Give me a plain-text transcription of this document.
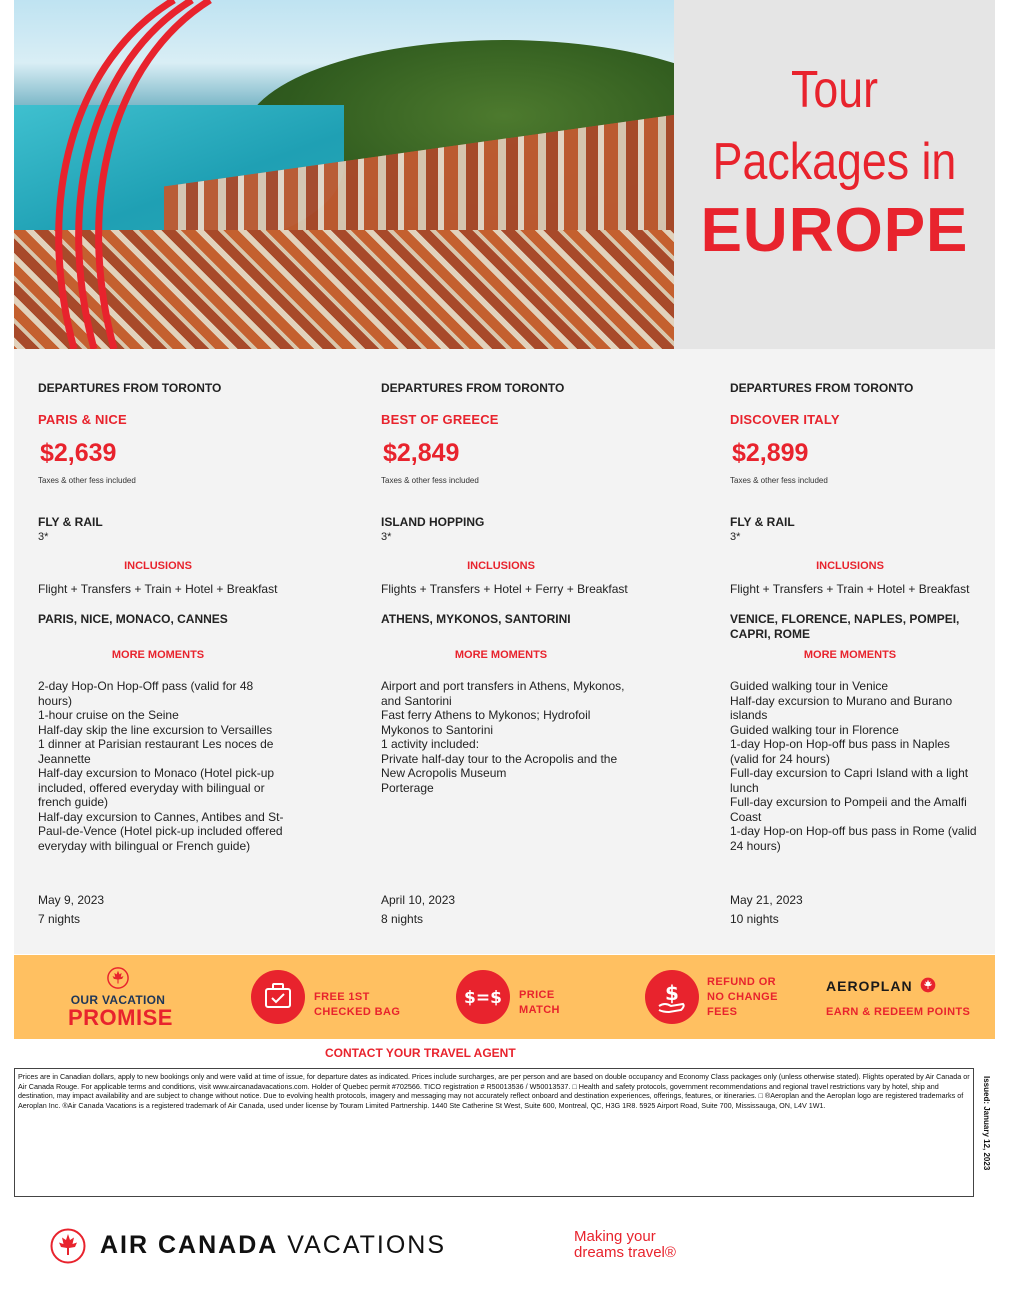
Tour
Packages in
EUROPE
DEPARTURES FROM TORONTO
PARIS & NICE
$2,639
Taxes & other fess included
FLY & RAIL
3*
INCLUSIONS
Flight + Transfers + Train + Hotel + Breakfast
PARIS, NICE, MONACO, CANNES
MORE MOMENTS
2-day Hop-On Hop-Off pass (valid for 48 hours)
1-hour cruise on the Seine
Half-day skip the line excursion to Versailles
1 dinner at Parisian restaurant Les noces de Jeannette
Half-day excursion to Monaco (Hotel pick-up included, offered everyday with bilingual or french guide)
Half-day excursion to Cannes, Antibes and St-Paul-de-Vence (Hotel pick-up included offered everyday with bilingual or French guide)
May 9, 2023
7 nights
DEPARTURES FROM TORONTO
BEST OF GREECE
$2,849
Taxes & other fess included
ISLAND HOPPING
3*
INCLUSIONS
Flights + Transfers + Hotel + Ferry + Breakfast
ATHENS, MYKONOS, SANTORINI
MORE MOMENTS
Airport and port transfers in Athens, Mykonos, and Santorini
Fast ferry Athens to Mykonos; Hydrofoil Mykonos to Santorini
1 activity included:
Private half-day tour to the Acropolis and the New Acropolis Museum
Porterage
April 10, 2023
8 nights
DEPARTURES FROM TORONTO
DISCOVER ITALY
$2,899
Taxes & other fess included
FLY & RAIL
3*
INCLUSIONS
Flight + Transfers + Train + Hotel + Breakfast
VENICE, FLORENCE, NAPLES, POMPEI, CAPRI, ROME
MORE MOMENTS
Guided walking tour in Venice
Half-day excursion to Murano and Burano islands
Guided walking tour in Florence
1-day Hop-on Hop-off bus pass in Naples (valid for 24 hours)
Full-day excursion to Capri Island with a light lunch
Full-day excursion to Pompeii and the Amalfi Coast
1-day Hop-on Hop-off bus pass in Rome (valid 24 hours)
May 21, 2023
10 nights
OUR VACATION
PROMISE
FREE 1ST
CHECKED BAG
$=$ PRICE
MATCH
$	REFUND OR
NO CHANGE
FEES
AEROPLAN
EARN & REDEEM POINTS
CONTACT YOUR TRAVEL AGENT
Prices are in Canadian dollars, apply to new bookings only and were valid at time of issue, for departure dates as indicated. Prices include surcharges, are per person and are based on double occupancy and Economy Class packages only (unless otherwise stated). Flights operated by Air Canada or Air Canada Rouge. For applicable terms and conditions, visit www.aircanadavacations.com. Holder of Quebec permit #702566. TICO registration # R50013536 / W50013537. □ Health and safety protocols, government recommendations and regional travel restrictions vary by hotel, ship and destination, may impact availability and are subject to change without notice. Due to evolving health protocols, imagery and messaging may not accurately reflect onboard and destination experiences, offerings, features, or itineraries. □ ®Aeroplan and the Aeroplan logo are registered trademarks of Aeroplan Inc. ®Air Canada Vacations is a registered trademark of Air Canada, used under license by Touram Limited Partnership. 1440 Ste Catherine St West, Suite 600, Montreal, QC, H3G 1R8. 5925 Airport Road, Suite 700, Mississauga, ON, L4V 1W1.	Issued: January 12, 2023
AIR CANADA VACATIONS	Making your
dreams travel®
